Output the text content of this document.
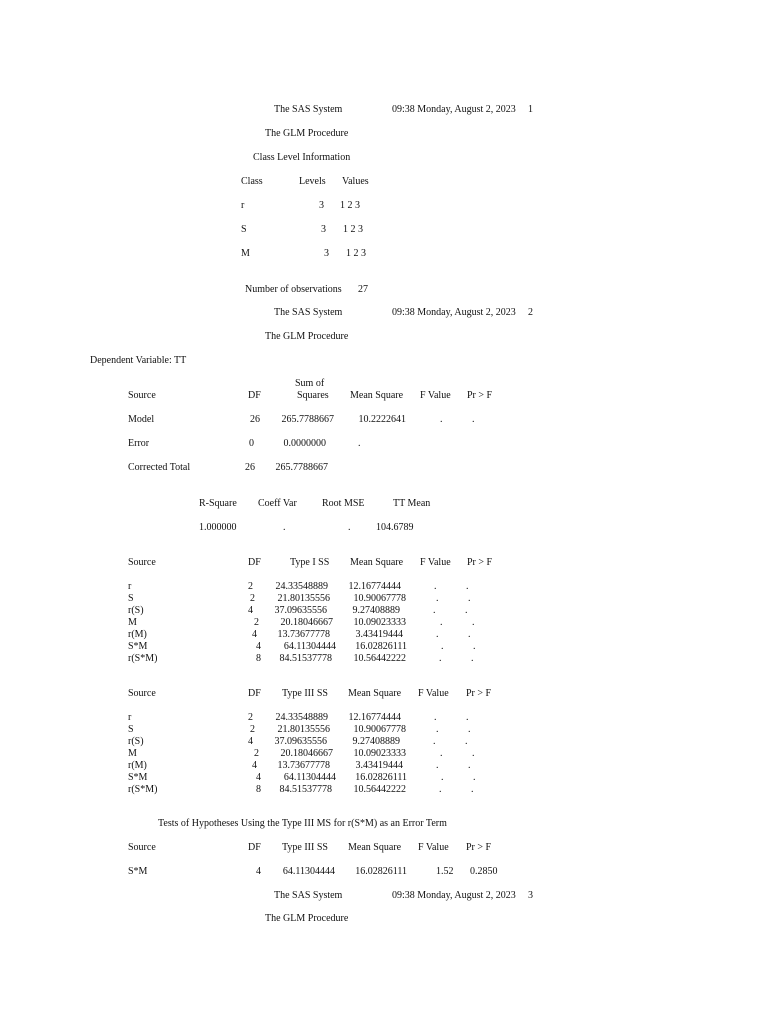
The SAS System	09:38 Monday, August 2, 2023 1
The GLM Procedure
Class Level Information
Class	Levels Values
r	3 1 2 3
S	3 1 2 3
M	3 1 2 3
Number of observations 27
The SAS System	09:38 Monday, August 2, 2023 2
The GLM Procedure
Dependent Variable: TT
Source	DF
Sum of
Squares Mean Square F Value Pr > F
Model	26	265.7788667	10.2222641	.	.
Error	0	0.0000000	.
Corrected Total	26	265.7788667
R-Square Coeff Var	Root MSE	TT Mean
1.000000	.	.	104.6789
Source	DF	Type I SS Mean Square F Value Pr > F
r	2	24.33548889	12.16774444	.	.
S	2	21.80135556	10.90067778	.	.
r(S)	4	37.09635556	9.27408889	.	.
M	2	20.18046667	10.09023333	.	.
r(M)	4	13.73677778	3.43419444	.	.
S*M	4	64.11304444	16.02826111	.	.
r(S*M)	8	84.51537778	10.56442222	.	.
Source	DF Type III SS Mean Square F Value Pr > F
r	2	24.33548889	12.16774444	.	.
S	2	21.80135556	10.90067778	.	.
r(S)	4	37.09635556	9.27408889	.	.
M	2	20.18046667	10.09023333	.	.
r(M)	4	13.73677778	3.43419444	.	.
S*M	4	64.11304444	16.02826111	.	.
r(S*M)	8	84.51537778	10.56442222	.	.
Tests of Hypotheses Using the Type III MS for r(S*M) as an Error Term
Source	DF Type III SS Mean Square F Value Pr > F
S*M	4	64.11304444	16.02826111	1.52 0.2850
The SAS System	09:38 Monday, August 2, 2023 3
The GLM Procedure
